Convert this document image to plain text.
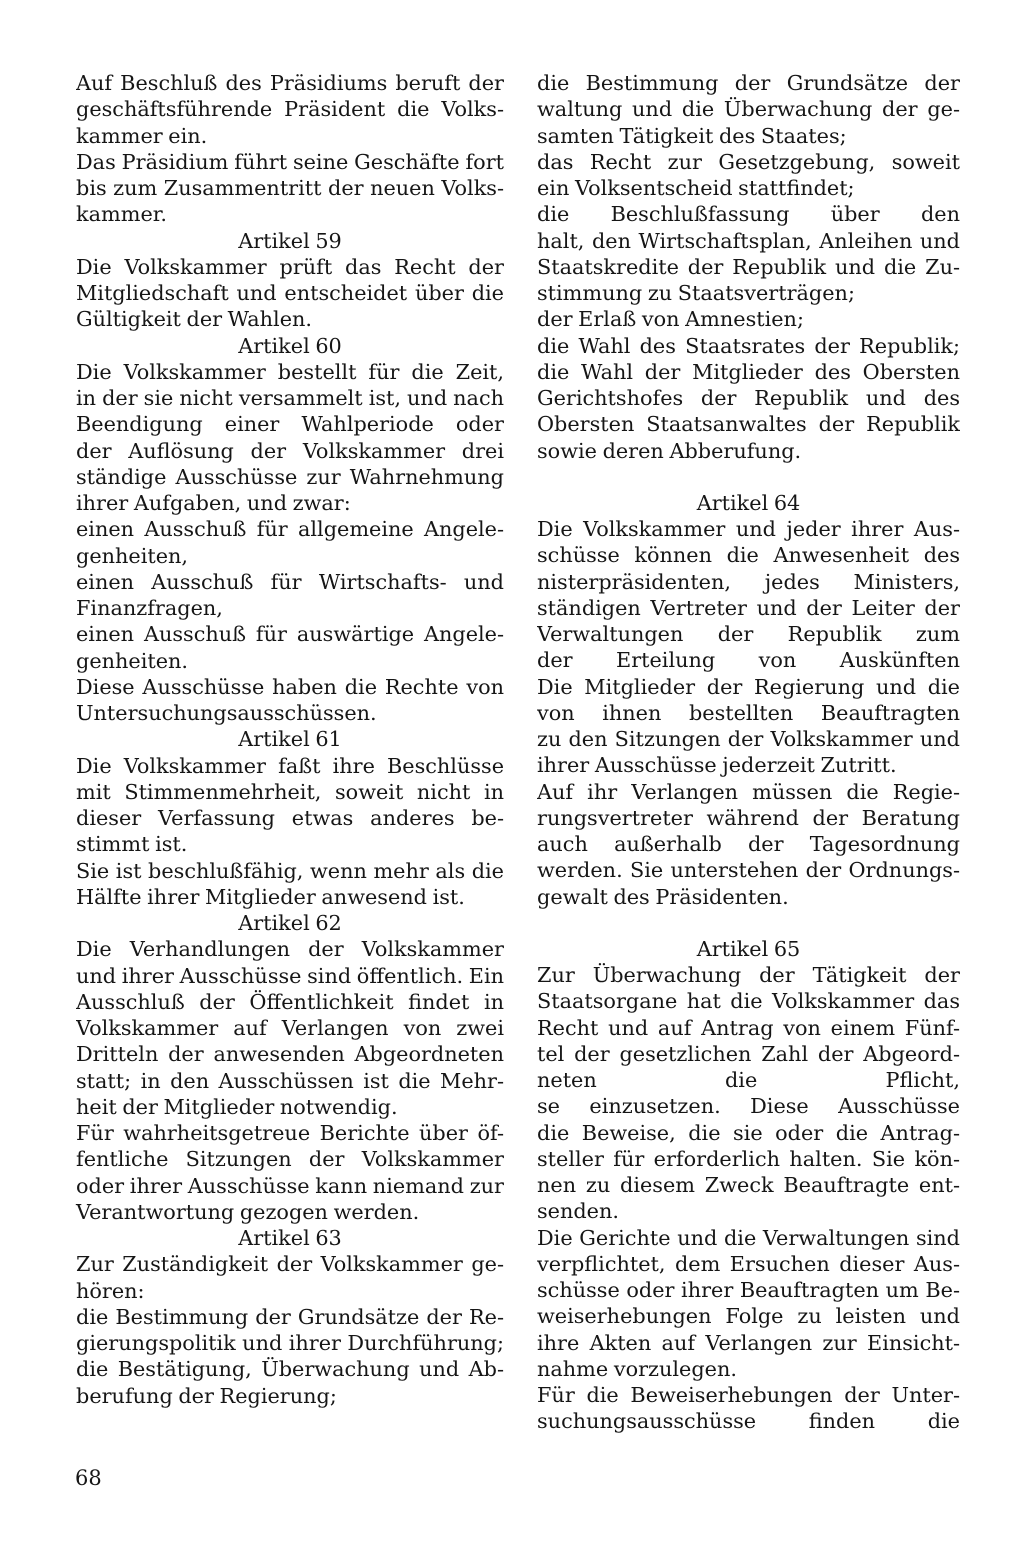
Auf Beschluß des Präsidiums beruft der
geschäftsführende Präsident die Volks-
kammer ein.
Das Präsidium führt seine Geschäfte fort
bis zum Zusammentritt der neuen Volks-
kammer.
Artikel 59
Die Volkskammer prüft das Recht der
Mitgliedschaft und entscheidet über die
Gültigkeit der Wahlen.
Artikel 60
Die Volkskammer bestellt für die Zeit,
in der sie nicht versammelt ist, und nach
Beendigung einer Wahlperiode oder
der Auflösung der Volkskammer drei
ständige Ausschüsse zur Wahrnehmung
ihrer Aufgaben, und zwar:
einen Ausschuß für allgemeine Angele-
genheiten,
einen Ausschuß für Wirtschafts- und
Finanzfragen,
einen Ausschuß für auswärtige Angele-
genheiten.
Diese Ausschüsse haben die Rechte von
Untersuchungsausschüssen.
Artikel 61
Die Volkskammer faßt ihre Beschlüsse
mit Stimmenmehrheit, soweit nicht in
dieser Verfassung etwas anderes be-
stimmt ist.
Sie ist beschlußfähig, wenn mehr als die
Hälfte ihrer Mitglieder anwesend ist.
Artikel 62
Die Verhandlungen der Volkskammer
und ihrer Ausschüsse sind öffentlich. Ein
Ausschluß der Öffentlichkeit findet in
Volkskammer auf Verlangen von zwei
Dritteln der anwesenden Abgeordneten
statt; in den Ausschüssen ist die Mehr-
heit der Mitglieder notwendig.
Für wahrheitsgetreue Berichte über öf-
fentliche Sitzungen der Volkskammer
oder ihrer Ausschüsse kann niemand zur
Verantwortung gezogen werden.
Artikel 63
Zur Zuständigkeit der Volkskammer ge-
hören:
die Bestimmung der Grundsätze der Re-
gierungspolitik und ihrer Durchführung;
die Bestätigung, Überwachung und Ab-
berufung der Regierung;
die Bestimmung der Grundsätze der
waltung und die Überwachung der ge-
samten Tätigkeit des Staates;
das Recht zur Gesetzgebung, soweit
ein Volksentscheid stattfindet;
die Beschlußfassung über den
halt, den Wirtschaftsplan, Anleihen und
Staatskredite der Republik und die Zu-
stimmung zu Staatsverträgen;
der Erlaß von Amnestien;
die Wahl des Staatsrates der Republik;
die Wahl der Mitglieder des Obersten
Gerichtshofes der Republik und des
Obersten Staatsanwaltes der Republik
sowie deren Abberufung.
Artikel 64
Die Volkskammer und jeder ihrer Aus-
schüsse können die Anwesenheit des
nisterpräsidenten, jedes Ministers,
ständigen Vertreter und der Leiter der
Verwaltungen der Republik zum
der Erteilung von Auskünften
Die Mitglieder der Regierung und die
von ihnen bestellten Beauftragten
zu den Sitzungen der Volkskammer und
ihrer Ausschüsse jederzeit Zutritt.
Auf ihr Verlangen müssen die Regie-
rungsvertreter während der Beratung
auch außerhalb der Tagesordnung
werden. Sie unterstehen der Ordnungs-
gewalt des Präsidenten.
Artikel 65
Zur Überwachung der Tätigkeit der
Staatsorgane hat die Volkskammer das
Recht und auf Antrag von einem Fünf-
tel der gesetzlichen Zahl der Abgeord-
neten die Pflicht,
se einzusetzen. Diese Ausschüsse
die Beweise, die sie oder die Antrag-
steller für erforderlich halten. Sie kön-
nen zu diesem Zweck Beauftragte ent-
senden.
Die Gerichte und die Verwaltungen sind
verpflichtet, dem Ersuchen dieser Aus-
schüsse oder ihrer Beauftragten um Be-
weiserhebungen Folge zu leisten und
ihre Akten auf Verlangen zur Einsicht-
nahme vorzulegen.
Für die Beweiserhebungen der Unter-
suchungsausschüsse finden die
68
